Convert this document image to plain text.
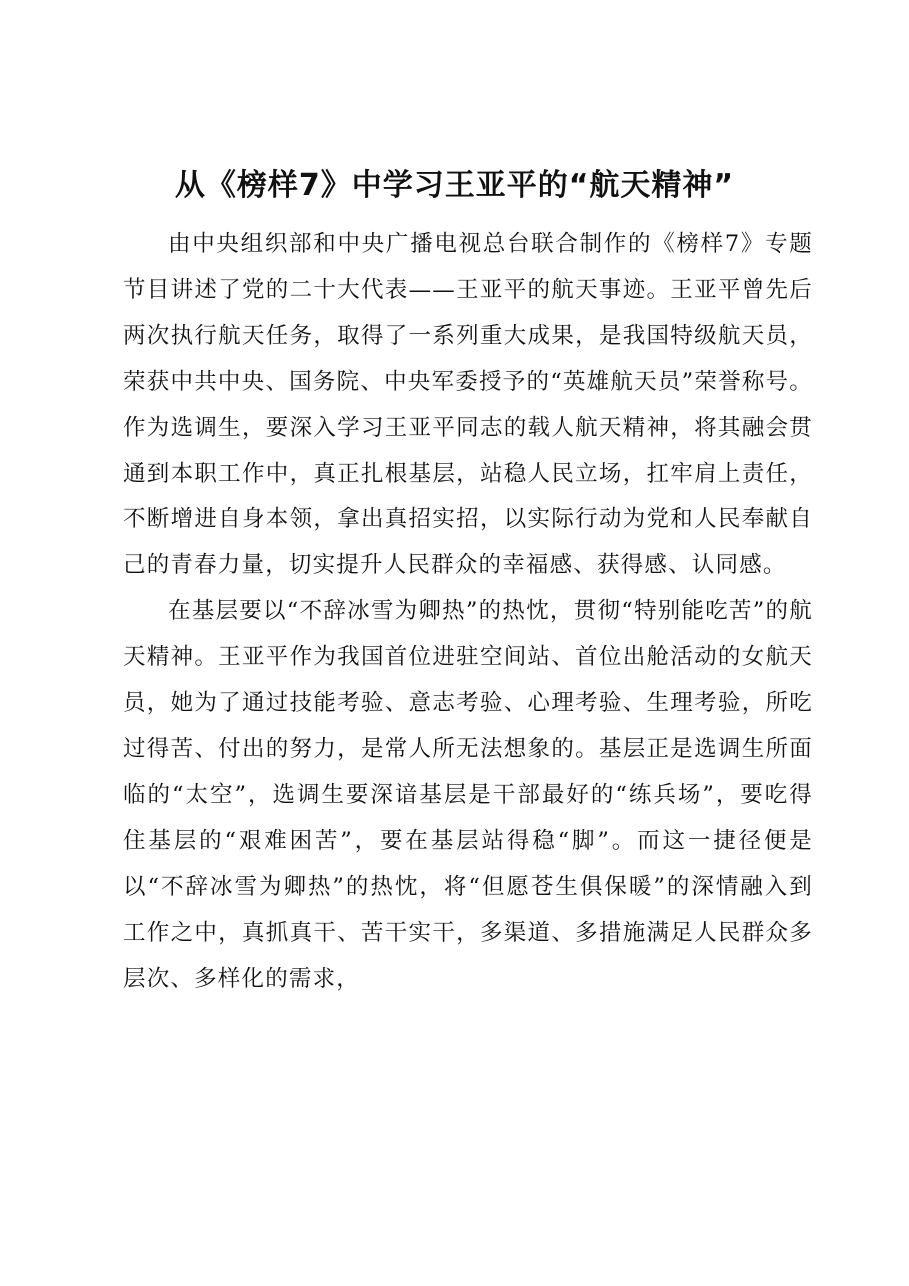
从《榜样7》中学习王亚平的“航天精神”

由中央组织部和中央广播电视总台联合制作的《榜样7》专题节目讲述了党的二十大代表——王亚平的航天事迹。王亚平曾先后两次执行航天任务，取得了一系列重大成果，是我国特级航天员，荣获中共中央、国务院、中央军委授予的“英雄航天员”荣誉称号。作为选调生，要深入学习王亚平同志的载人航天精神，将其融会贯通到本职工作中，真正扎根基层，站稳人民立场，扛牢肩上责任，不断增进自身本领，拿出真招实招，以实际行动为党和人民奉献自己的青春力量，切实提升人民群众的幸福感、获得感、认同感。

在基层要以“不辞冰雪为卿热”的热忱，贯彻“特别能吃苦”的航天精神。王亚平作为我国首位进驻空间站、首位出舱活动的女航天员，她为了通过技能考验、意志考验、心理考验、生理考验，所吃过得苦、付出的努力，是常人所无法想象的。基层正是选调生所面临的“太空”，选调生要深谙基层是干部最好的“练兵场”，要吃得住基层的“艰难困苦”，要在基层站得稳“脚”。而这一捷径便是以“不辞冰雪为卿热”的热忱，将“但愿苍生俱保暖”的深情融入到工作之中，真抓真干、苦干实干，多渠道、多措施满足人民群众多层次、多样化的需求，
